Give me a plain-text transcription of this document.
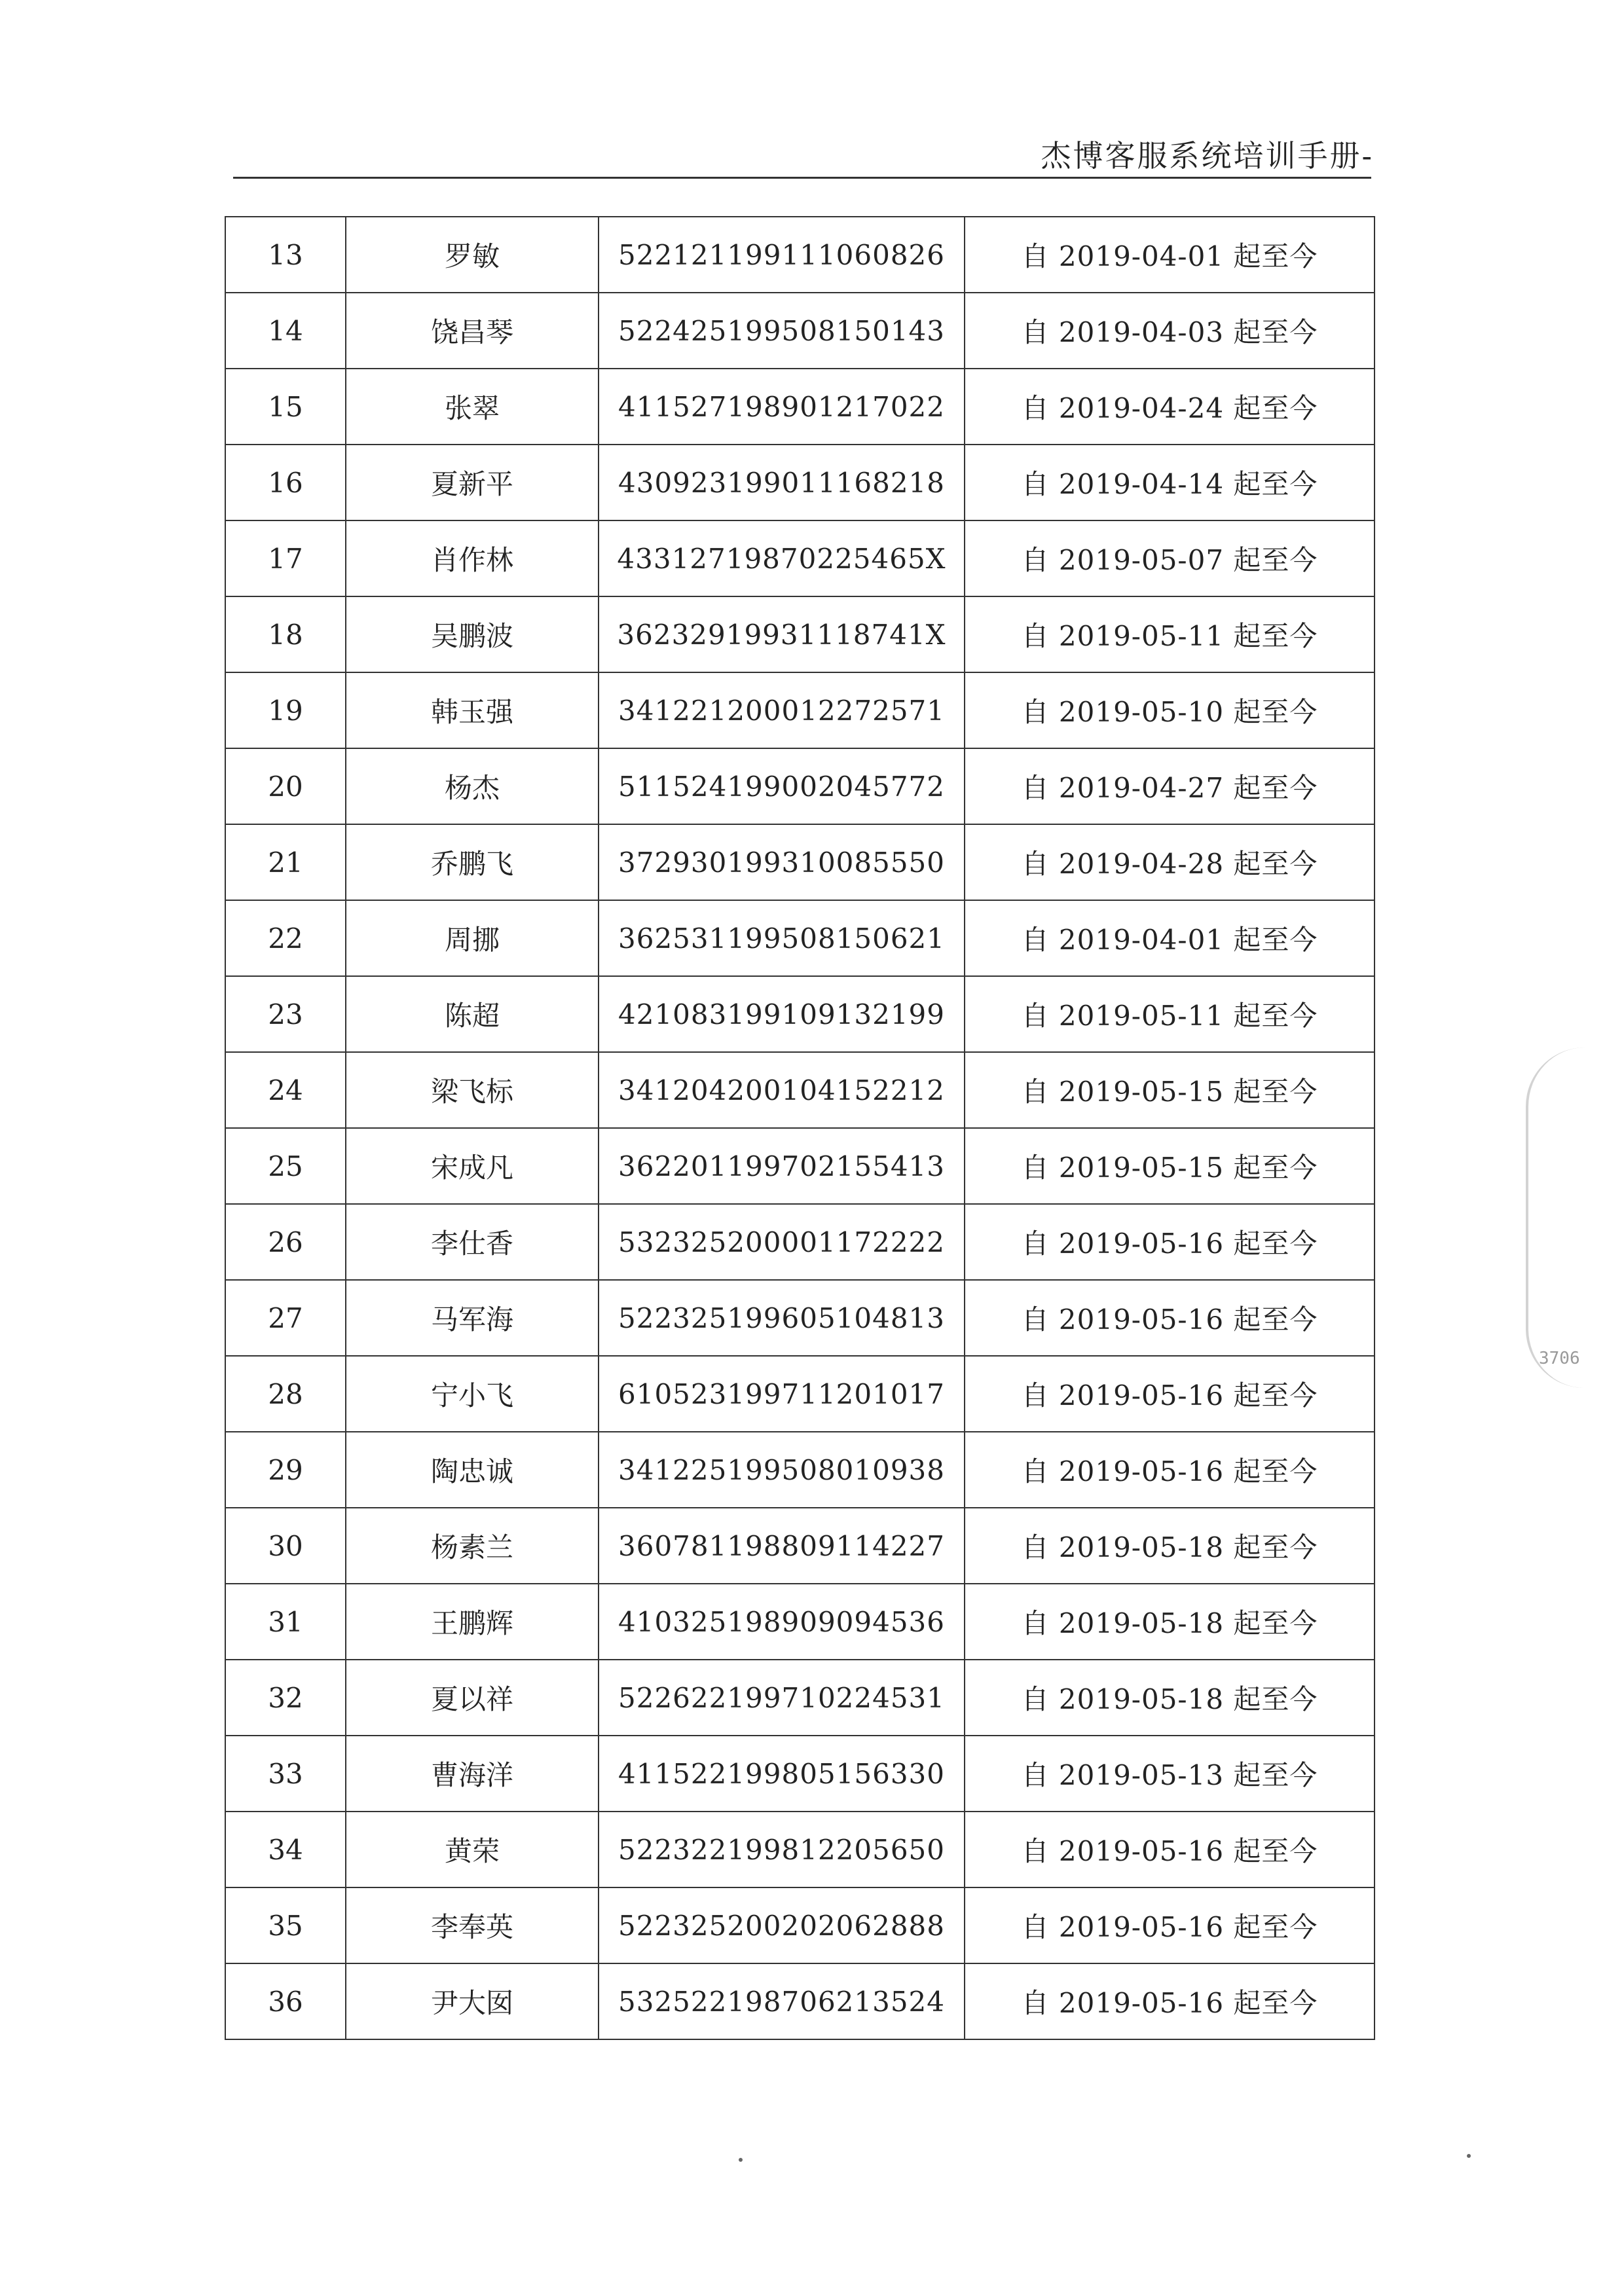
杰博客服系统培训手册-
13	罗敏	522121199111060826	自 2019-04-01 起至今
14	饶昌琴	522425199508150143	自 2019-04-03 起至今
15	张翠	411527198901217022	自 2019-04-24 起至今
16	夏新平	430923199011168218	自 2019-04-14 起至今
17	肖作林	43312719870225465X	自 2019-05-07 起至今
18	吴鹏波	36232919931118741X	自 2019-05-11 起至今
19	韩玉强	341221200012272571	自 2019-05-10 起至今
20	杨杰	511524199002045772	自 2019-04-27 起至今
21	乔鹏飞	372930199310085550	自 2019-04-28 起至今
22	周挪	362531199508150621	自 2019-04-01 起至今
23	陈超	421083199109132199	自 2019-05-11 起至今
24	梁飞标	341204200104152212	自 2019-05-15 起至今
25	宋成凡	362201199702155413	自 2019-05-15 起至今
26	李仕香	532325200001172222	自 2019-05-16 起至今
27	马军海	522325199605104813	自 2019-05-16 起至今
28	宁小飞	610523199711201017	自 2019-05-16 起至今
29	陶忠诚	341225199508010938	自 2019-05-16 起至今
30	杨素兰	360781198809114227	自 2019-05-18 起至今
31	王鹏辉	410325198909094536	自 2019-05-18 起至今
32	夏以祥	522622199710224531	自 2019-05-18 起至今
33	曹海洋	411522199805156330	自 2019-05-13 起至今
34	黄荣	522322199812205650	自 2019-05-16 起至今
35	李奉英	522325200202062888	自 2019-05-16 起至今
36	尹大囡	532522198706213524	自 2019-05-16 起至今
3706
